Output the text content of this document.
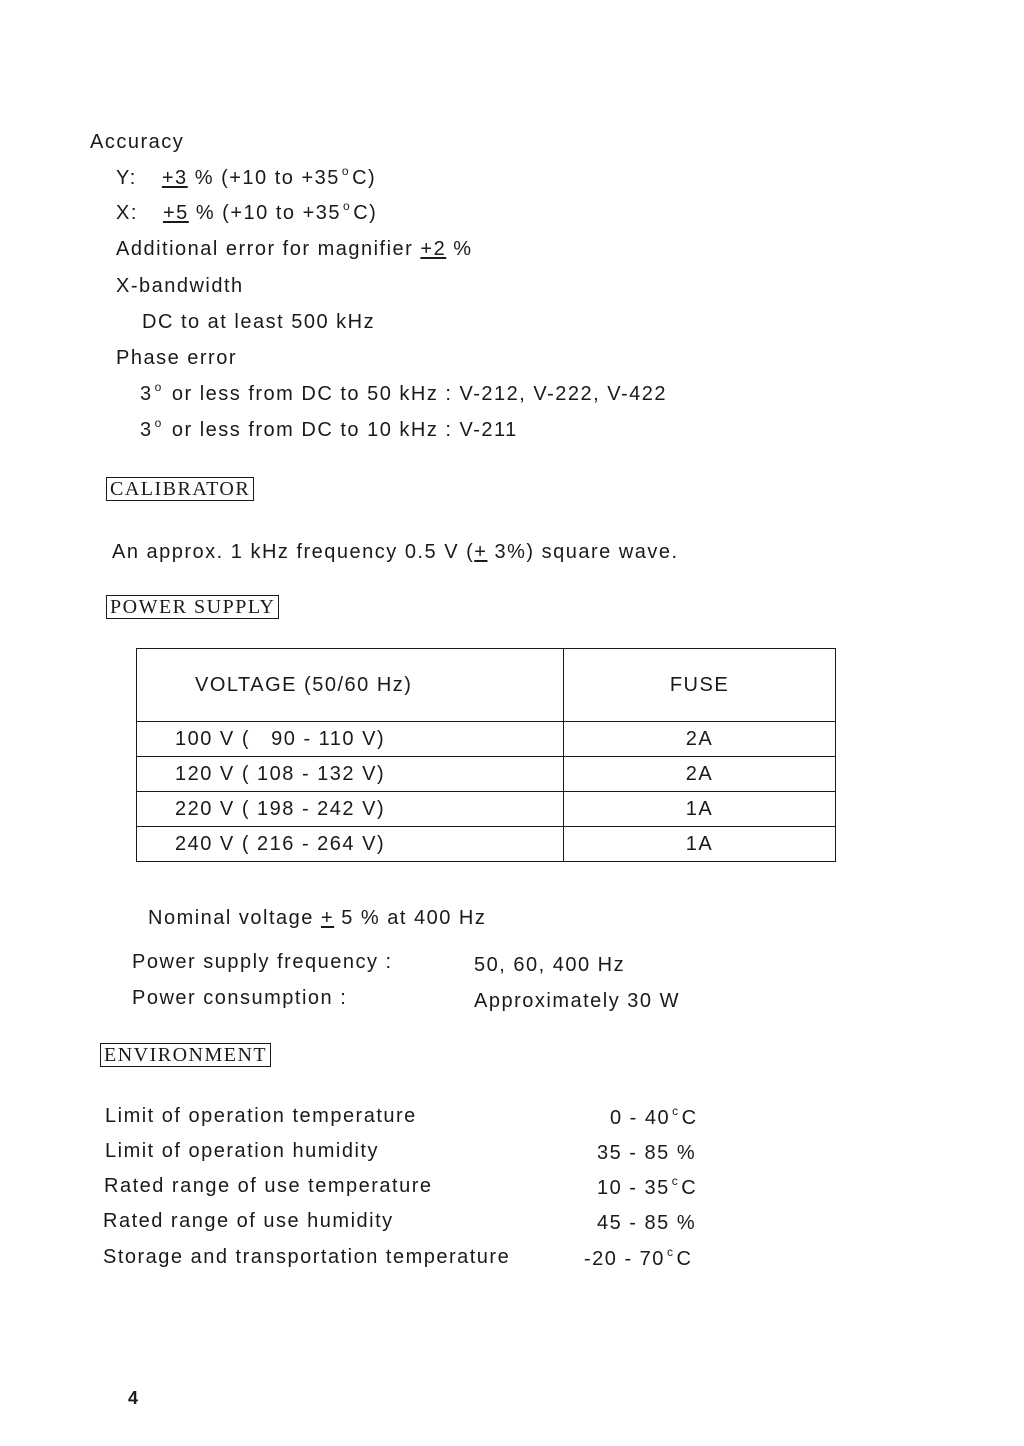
Accuracy
Y: +3 % (+10 to +35 $^o$ C)
X: +5 % (+10 to +35 $^o$ C)
Additional error for magnifier +2 %
X-bandwidth
DC to at least 500 kHz
Phase error
3 $^o$ or less from DC to 50 kHz : V-212, V-222, V-422
3 $^o$ or less from DC to 10 kHz : V-211
CALIBRATOR
An approx. 1 kHz frequency 0.5 V (+ 3%) square wave.
POWER SUPPLY
VOLTAGE (50/60 Hz)	FUSE
100 V (   90 - 110 V)	2A
120 V ( 108 - 132 V)	2A
220 V ( 198 - 242 V)	1A
240 V ( 216 - 264 V)	1A
Nominal voltage + 5 % at 400 Hz
Power supply frequency :	50, 60, 400 Hz
Power consumption :	Approximately 30 W
ENVIRONMENT
Limit of operation temperature	0 - 40 $^c$ C
Limit of operation humidity	35 - 85 %
Rated range of use temperature	10 - 35 $^c$ C
Rated range of use humidity	45 - 85 %
Storage and transportation temperature	-20 - 70 $^c$ C
4
